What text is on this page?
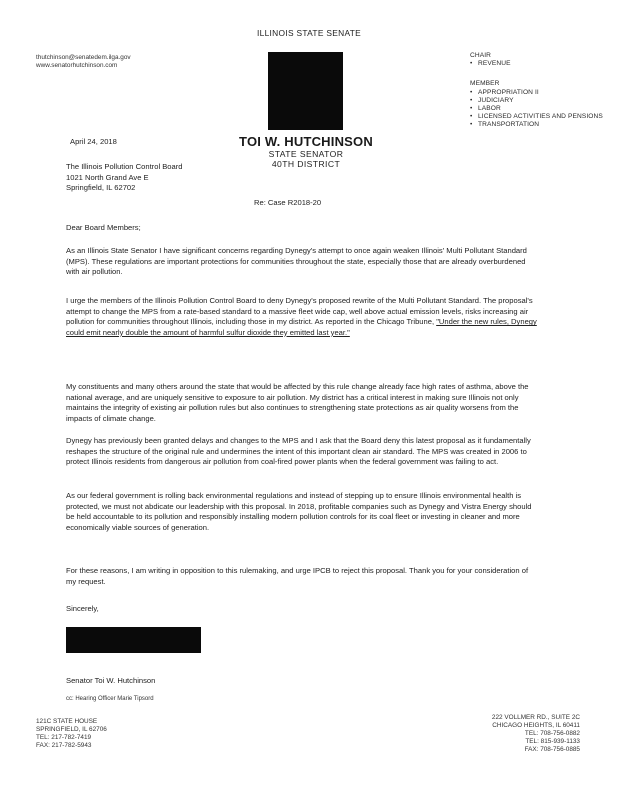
ILLINOIS STATE SENATE
thutchinson@senatedem.ilga.gov
www.senatorhutchinson.com
CHAIR
• REVENUE
MEMBER
• APPROPRIATION II
• JUDICIARY
• LABOR
• LICENSED ACTIVITIES AND PENSIONS
• TRANSPORTATION
April 24, 2018	TOI W. HUTCHINSON
STATE SENATOR
40TH DISTRICT
The Illinois Pollution Control Board
1021 North Grand Ave E
Springfield, IL 62702
Re: Case R2018-20
Dear Board Members;
As an Illinois State Senator I have significant concerns regarding Dynegy's attempt to once again weaken Illinois' Multi Pollutant Standard (MPS). These regulations are important protections for communities throughout the state, especially those that are already overburdened with air pollution.
I urge the members of the Illinois Pollution Control Board to deny Dynegy's proposed rewrite of the Multi Pollutant Standard. The proposal's attempt to change the MPS from a rate-based standard to a massive fleet wide cap, well above actual emission levels, risks increasing air pollution for communities throughout Illinois, including those in my district. As reported in the Chicago Tribune, "Under the new rules, Dynegy could emit nearly double the amount of harmful sulfur dioxide they emitted last year."
My constituents and many others around the state that would be affected by this rule change already face high rates of asthma, above the national average, and are uniquely sensitive to exposure to air pollution. My district has a critical interest in making sure Illinois not only maintains the integrity of existing air pollution rules but also continues to strengthening state protections as air quality worsens from the impacts of climate change.
Dynegy has previously been granted delays and changes to the MPS and I ask that the Board deny this latest proposal as it fundamentally reshapes the structure of the original rule and undermines the intent of this important clean air standard. The MPS was created in 2006 to protect Illinois residents from dangerous air pollution from coal-fired power plants when the federal government was failing to act.
As our federal government is rolling back environmental regulations and instead of stepping up to ensure Illinois environmental health is protected, we must not abdicate our leadership with this proposal. In 2018, profitable companies such as Dynegy and Vistra Energy should be held accountable to its pollution and responsibly installing modern pollution controls for its coal fleet or investing in cleaner and more economically viable sources of generation.
For these reasons, I am writing in opposition to this rulemaking, and urge IPCB to reject this proposal. Thank you for your consideration of my request.
Sincerely,
Senator Toi W. Hutchinson
cc: Hearing Officer Marie Tipsord
121C STATE HOUSE
SPRINGFIELD, IL 62706
TEL: 217-782-7419
FAX: 217-782-5943
222 VOLLMER RD., SUITE 2C
CHICAGO HEIGHTS, IL 60411
TEL: 708-756-0882
TEL: 815-939-1133
FAX: 708-756-0885
